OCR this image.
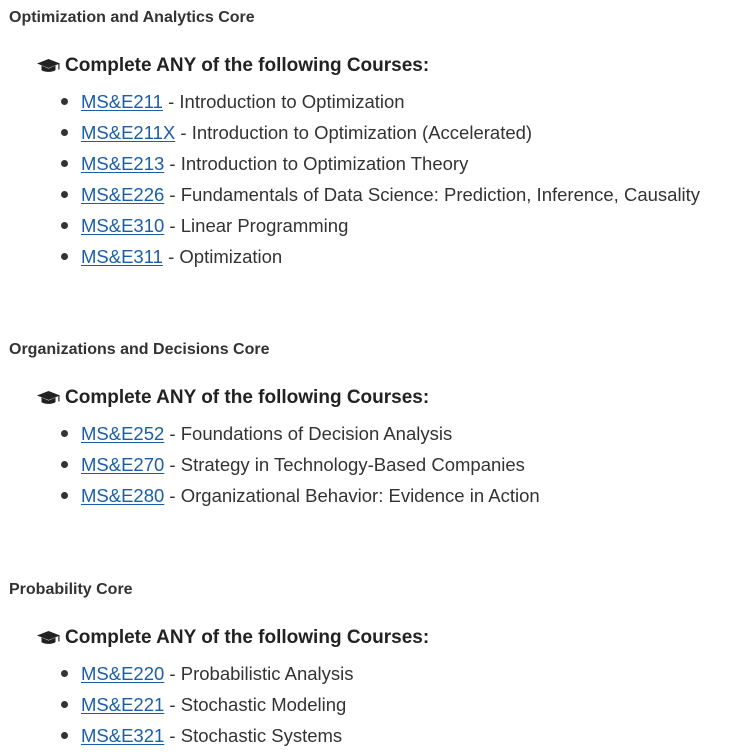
Optimization and Analytics Core
Complete ANY of the following Courses:
MS&E211 - Introduction to Optimization
MS&E211X - Introduction to Optimization (Accelerated)
MS&E213 - Introduction to Optimization Theory
MS&E226 - Fundamentals of Data Science: Prediction, Inference, Causality
MS&E310 - Linear Programming
MS&E311 - Optimization
Organizations and Decisions Core
Complete ANY of the following Courses:
MS&E252 - Foundations of Decision Analysis
MS&E270 - Strategy in Technology-Based Companies
MS&E280 - Organizational Behavior: Evidence in Action
Probability Core
Complete ANY of the following Courses:
MS&E220 - Probabilistic Analysis
MS&E221 - Stochastic Modeling
MS&E321 - Stochastic Systems
